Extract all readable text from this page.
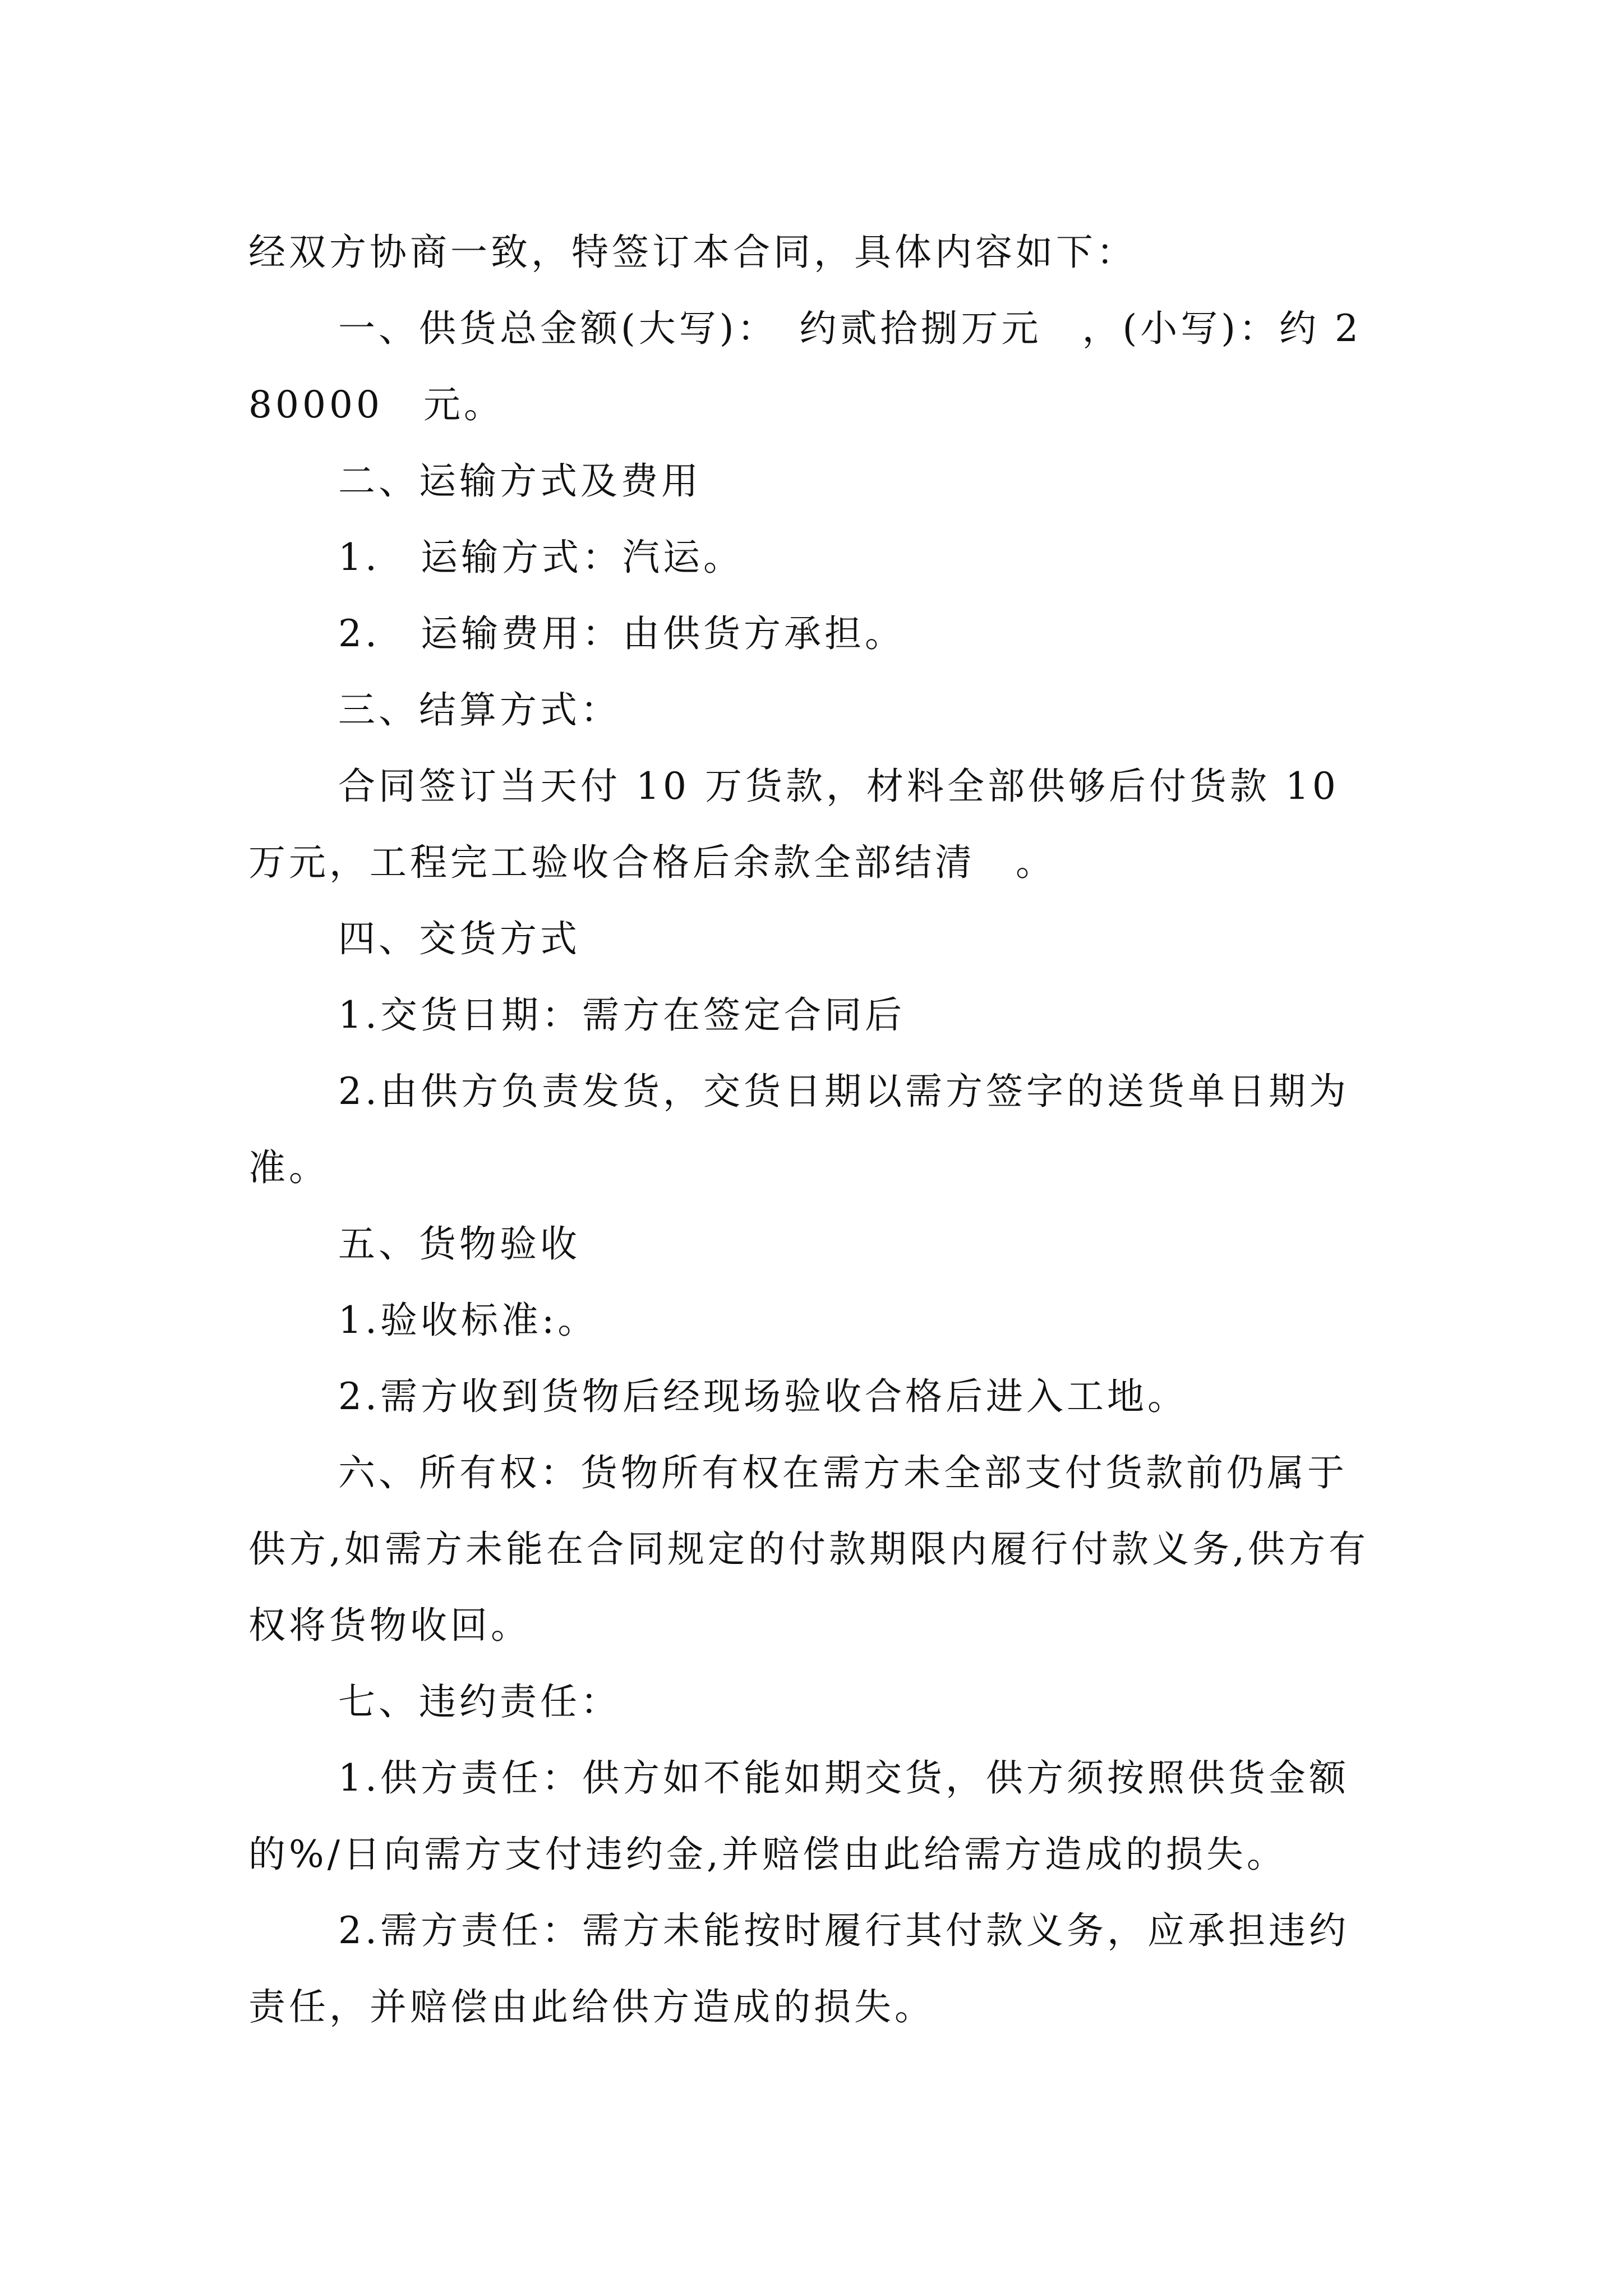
经双方协商一致，特签订本合同，具体内容如下：

一、供货总金额(大写)：　约贰拾捌万元　，(小写)：约 280000　元。

二、运输方式及费用

1.　运输方式：汽运。

2.　运输费用：由供货方承担。

三、结算方式：

合同签订当天付 10 万货款，材料全部供够后付货款 10 万元，工程完工验收合格后余款全部结清　。

四、交货方式

1.交货日期：需方在签定合同后

2.由供方负责发货，交货日期以需方签字的送货单日期为准。

五、货物验收

1.验收标准:。

2.需方收到货物后经现场验收合格后进入工地。

六、所有权：货物所有权在需方未全部支付货款前仍属于供方,如需方未能在合同规定的付款期限内履行付款义务,供方有权将货物收回。

七、违约责任：

1.供方责任：供方如不能如期交货，供方须按照供货金额的%/日向需方支付违约金,并赔偿由此给需方造成的损失。

2.需方责任：需方未能按时履行其付款义务，应承担违约责任，并赔偿由此给供方造成的损失。
